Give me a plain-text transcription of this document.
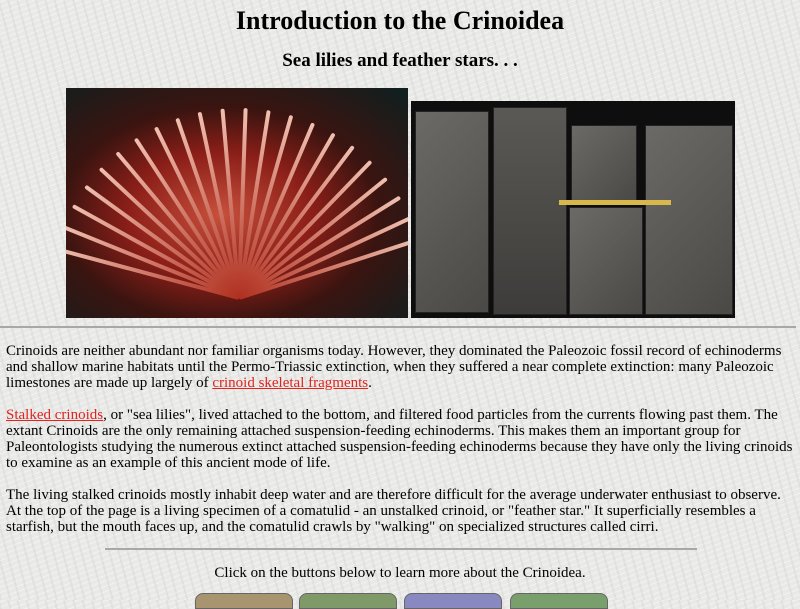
Introduction to the Crinoidea
Sea lilies and feather stars. . .

Crinoids are neither abundant nor familiar organisms today. However, they dominated the Paleozoic fossil record of echinoderms and shallow marine habitats until the Permo-Triassic extinction, when they suffered a near complete extinction: many Paleozoic limestones are made up largely of crinoid skeletal fragments.

Stalked crinoids, or "sea lilies", lived attached to the bottom, and filtered food particles from the currents flowing past them. The extant Crinoids are the only remaining attached suspension-feeding echinoderms. This makes them an important group for Paleontologists studying the numerous extinct attached suspension-feeding echinoderms because they have only the living crinoids to examine as an example of this ancient mode of life.

The living stalked crinoids mostly inhabit deep water and are therefore difficult for the average underwater enthusiast to observe. At the top of the page is a living specimen of a comatulid - an unstalked crinoid, or "feather star." It superficially resembles a starfish, but the mouth faces up, and the comatulid crawls by "walking" on specialized structures called cirri.

Click on the buttons below to learn more about the Crinoidea.
